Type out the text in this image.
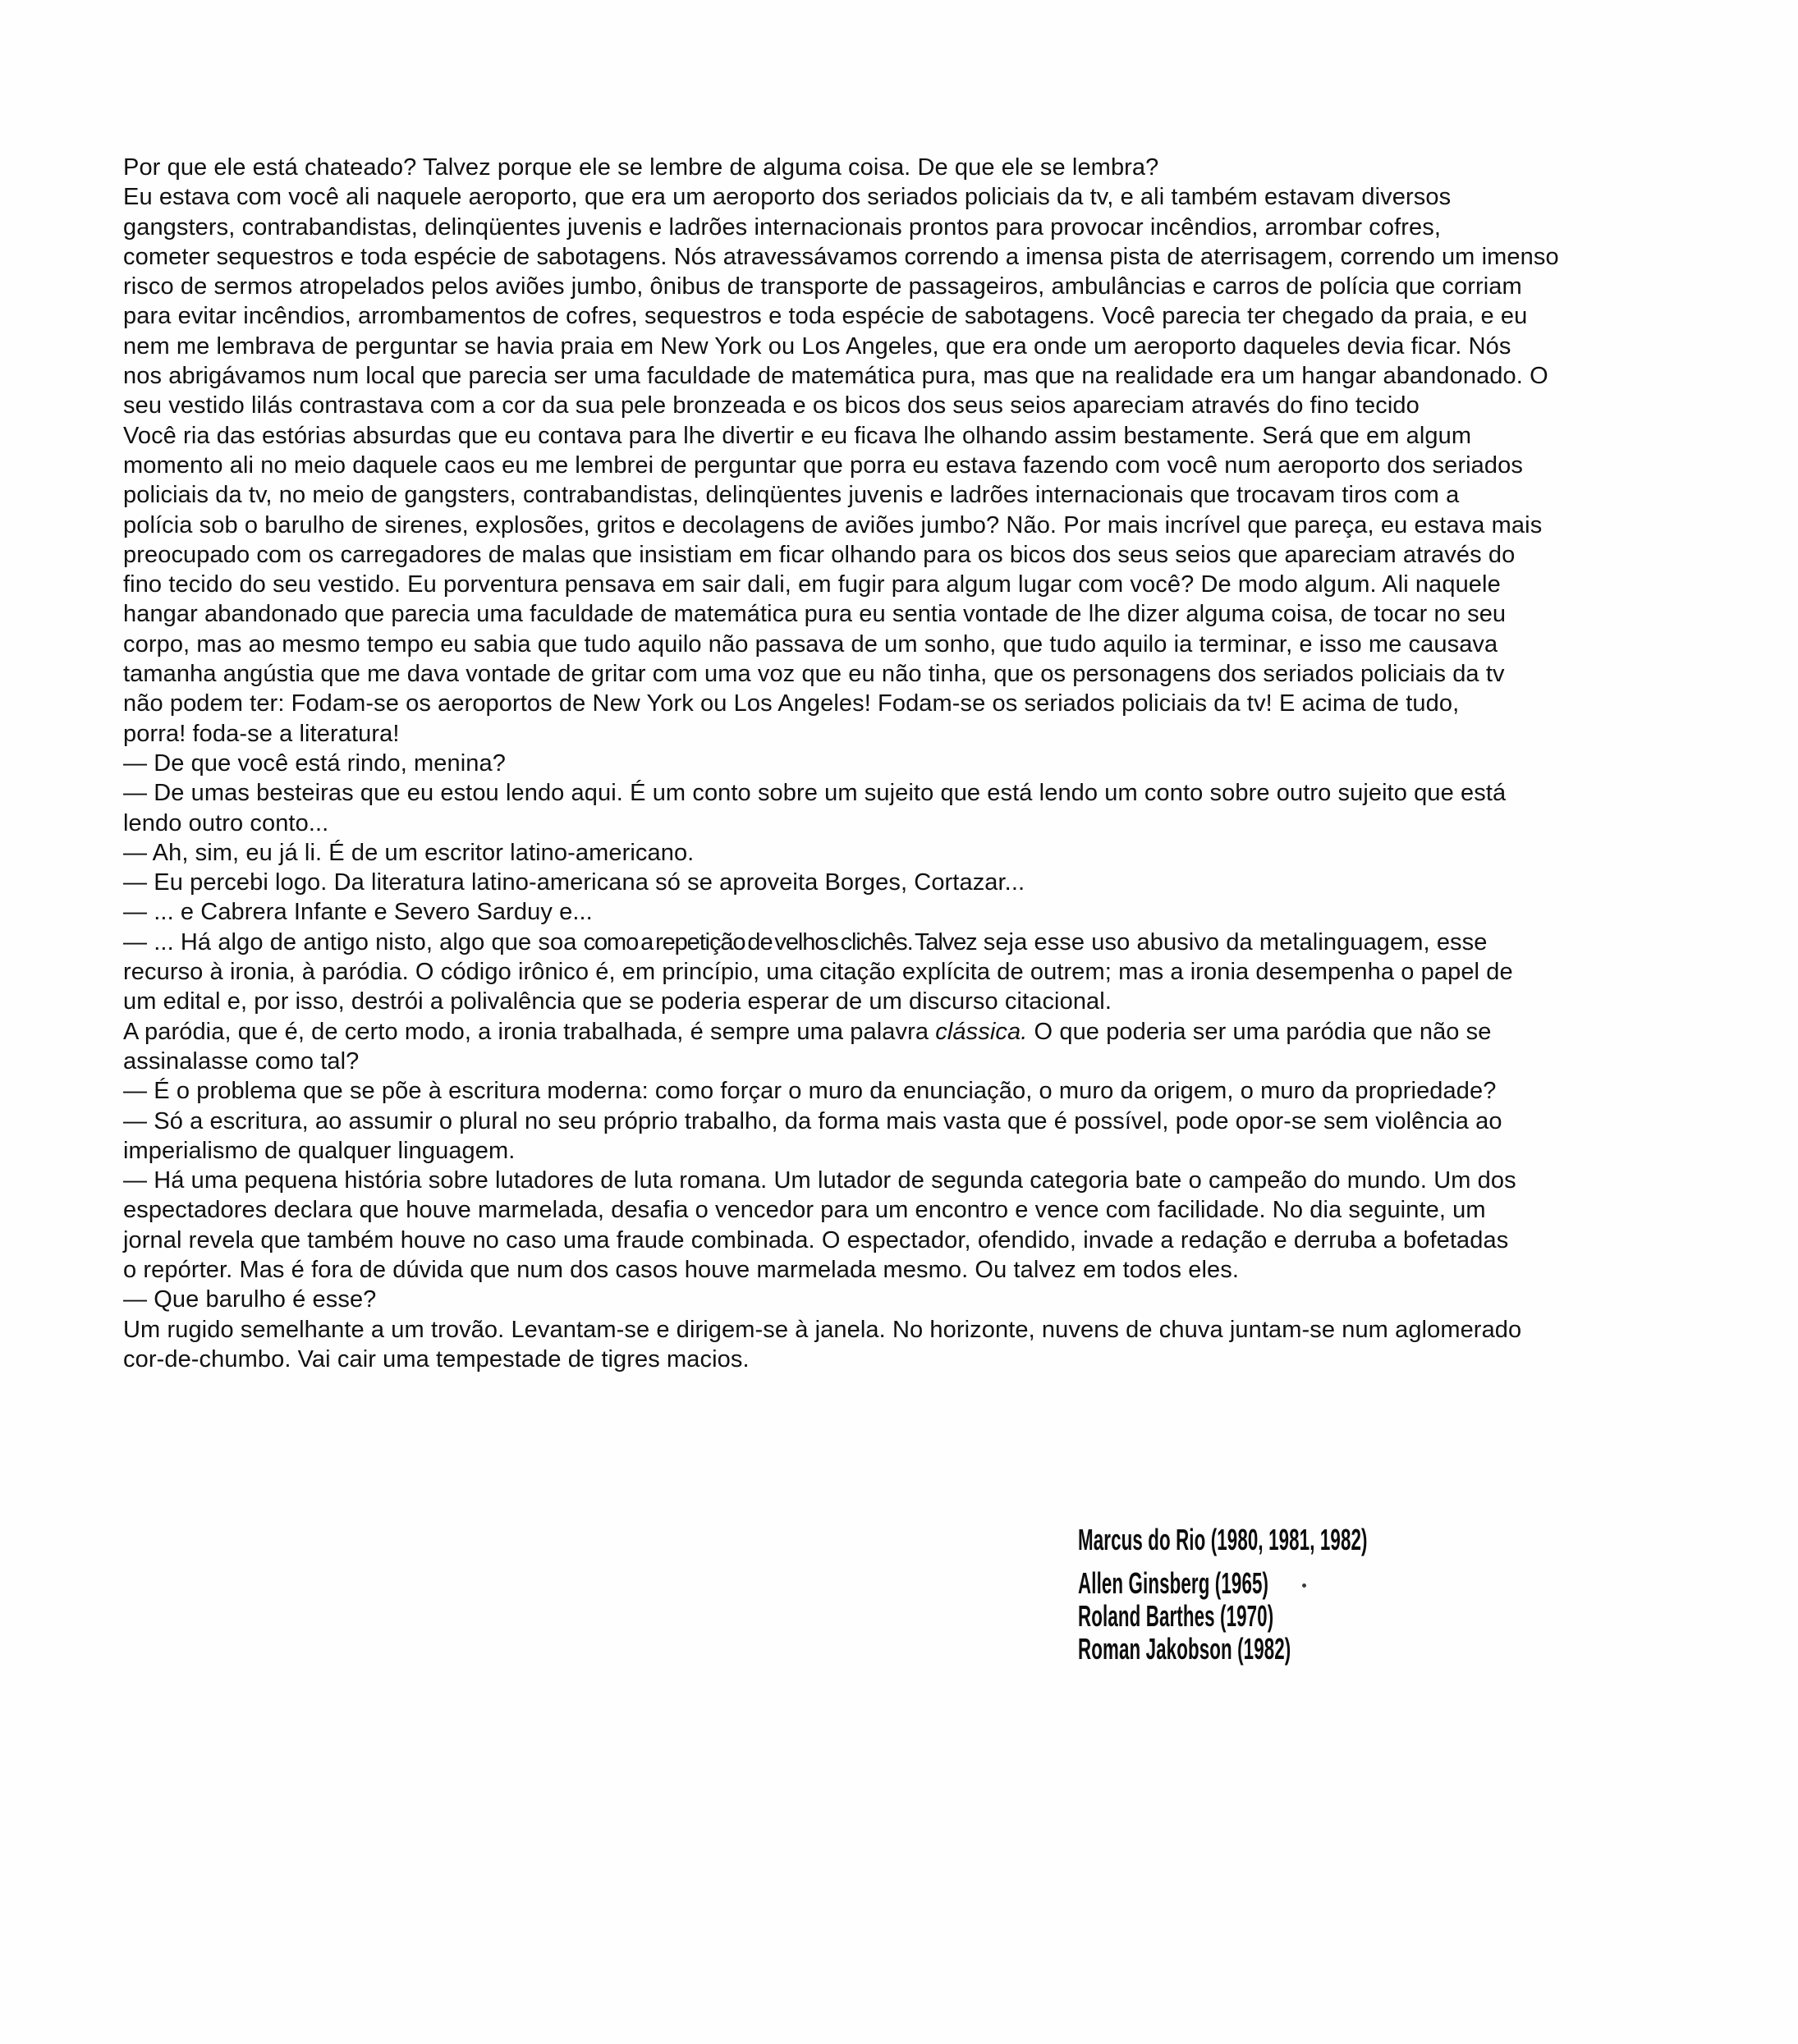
Por que ele está chateado? Talvez porque ele se lembre de alguma coisa. De que ele se lembra?
Eu estava com você ali naquele aeroporto, que era um aeroporto dos seriados policiais da tv, e ali também estavam diversos
gangsters, contrabandistas, delinqüentes juvenis e ladrões internacionais prontos para provocar incêndios, arrombar cofres,
cometer sequestros e toda espécie de sabotagens. Nós atravessávamos correndo a imensa pista de aterrisagem, correndo um imenso
risco de sermos atropelados pelos aviões jumbo, ônibus de transporte de passageiros, ambulâncias e carros de polícia que corriam
para evitar incêndios, arrombamentos de cofres, sequestros e toda espécie de sabotagens. Você parecia ter chegado da praia, e eu
nem me lembrava de perguntar se havia praia em New York ou Los Angeles, que era onde um aeroporto daqueles devia ficar. Nós
nos abrigávamos num local que parecia ser uma faculdade de matemática pura, mas que na realidade era um hangar abandonado. O
seu vestido lilás contrastava com a cor da sua pele bronzeada e os bicos dos seus seios apareciam através do fino tecido
Você ria das estórias absurdas que eu contava para lhe divertir e eu ficava lhe olhando assim bestamente. Será que em algum
momento ali no meio daquele caos eu me lembrei de perguntar que porra eu estava fazendo com você num aeroporto dos seriados
policiais da tv, no meio de gangsters, contrabandistas, delinqüentes juvenis e ladrões internacionais que trocavam tiros com a
polícia sob o barulho de sirenes, explosões, gritos e decolagens de aviões jumbo? Não. Por mais incrível que pareça, eu estava mais
preocupado com os carregadores de malas que insistiam em ficar olhando para os bicos dos seus seios que apareciam através do
fino tecido do seu vestido. Eu porventura pensava em sair dali, em fugir para algum lugar com você? De modo algum. Ali naquele
hangar abandonado que parecia uma faculdade de matemática pura eu sentia vontade de lhe dizer alguma coisa, de tocar no seu
corpo, mas ao mesmo tempo eu sabia que tudo aquilo não passava de um sonho, que tudo aquilo ia terminar, e isso me causava
tamanha angústia que me dava vontade de gritar com uma voz que eu não tinha, que os personagens dos seriados policiais da tv
não podem ter: Fodam-se os aeroportos de New York ou Los Angeles! Fodam-se os seriados policiais da tv! E acima de tudo,
porra! foda-se a literatura!
— De que você está rindo, menina?
— De umas besteiras que eu estou lendo aqui. É um conto sobre um sujeito que está lendo um conto sobre outro sujeito que está
lendo outro conto...
— Ah, sim, eu já li. É de um escritor latino-americano.
— Eu percebi logo. Da literatura latino-americana só se aproveita Borges, Cortazar...
— ... e Cabrera Infante e Severo Sarduy e...
— ... Há algo de antigo nisto, algo que soa como a repetição de velhos clichês. Talvez seja esse uso abusivo da metalinguagem, esse
recurso à ironia, à paródia. O código irônico é, em princípio, uma citação explícita de outrem; mas a ironia desempenha o papel de
um edital e, por isso, destrói a polivalência que se poderia esperar de um discurso citacional.
A paródia, que é, de certo modo, a ironia trabalhada, é sempre uma palavra clássica. O que poderia ser uma paródia que não se
assinalasse como tal?
— É o problema que se põe à escritura moderna: como forçar o muro da enunciação, o muro da origem, o muro da propriedade?
— Só a escritura, ao assumir o plural no seu próprio trabalho, da forma mais vasta que é possível, pode opor-se sem violência ao
imperialismo de qualquer linguagem.
— Há uma pequena história sobre lutadores de luta romana. Um lutador de segunda categoria bate o campeão do mundo. Um dos
espectadores declara que houve marmelada, desafia o vencedor para um encontro e vence com facilidade. No dia seguinte, um
jornal revela que também houve no caso uma fraude combinada. O espectador, ofendido, invade a redação e derruba a bofetadas
o repórter. Mas é fora de dúvida que num dos casos houve marmelada mesmo. Ou talvez em todos eles.
— Que barulho é esse?
Um rugido semelhante a um trovão. Levantam-se e dirigem-se à janela. No horizonte, nuvens de chuva juntam-se num aglomerado
cor-de-chumbo. Vai cair uma tempestade de tigres macios.
Marcus do Rio (1980, 1981, 1982)
Allen Ginsberg (1965)
Roland Barthes (1970)
Roman Jakobson (1982)
